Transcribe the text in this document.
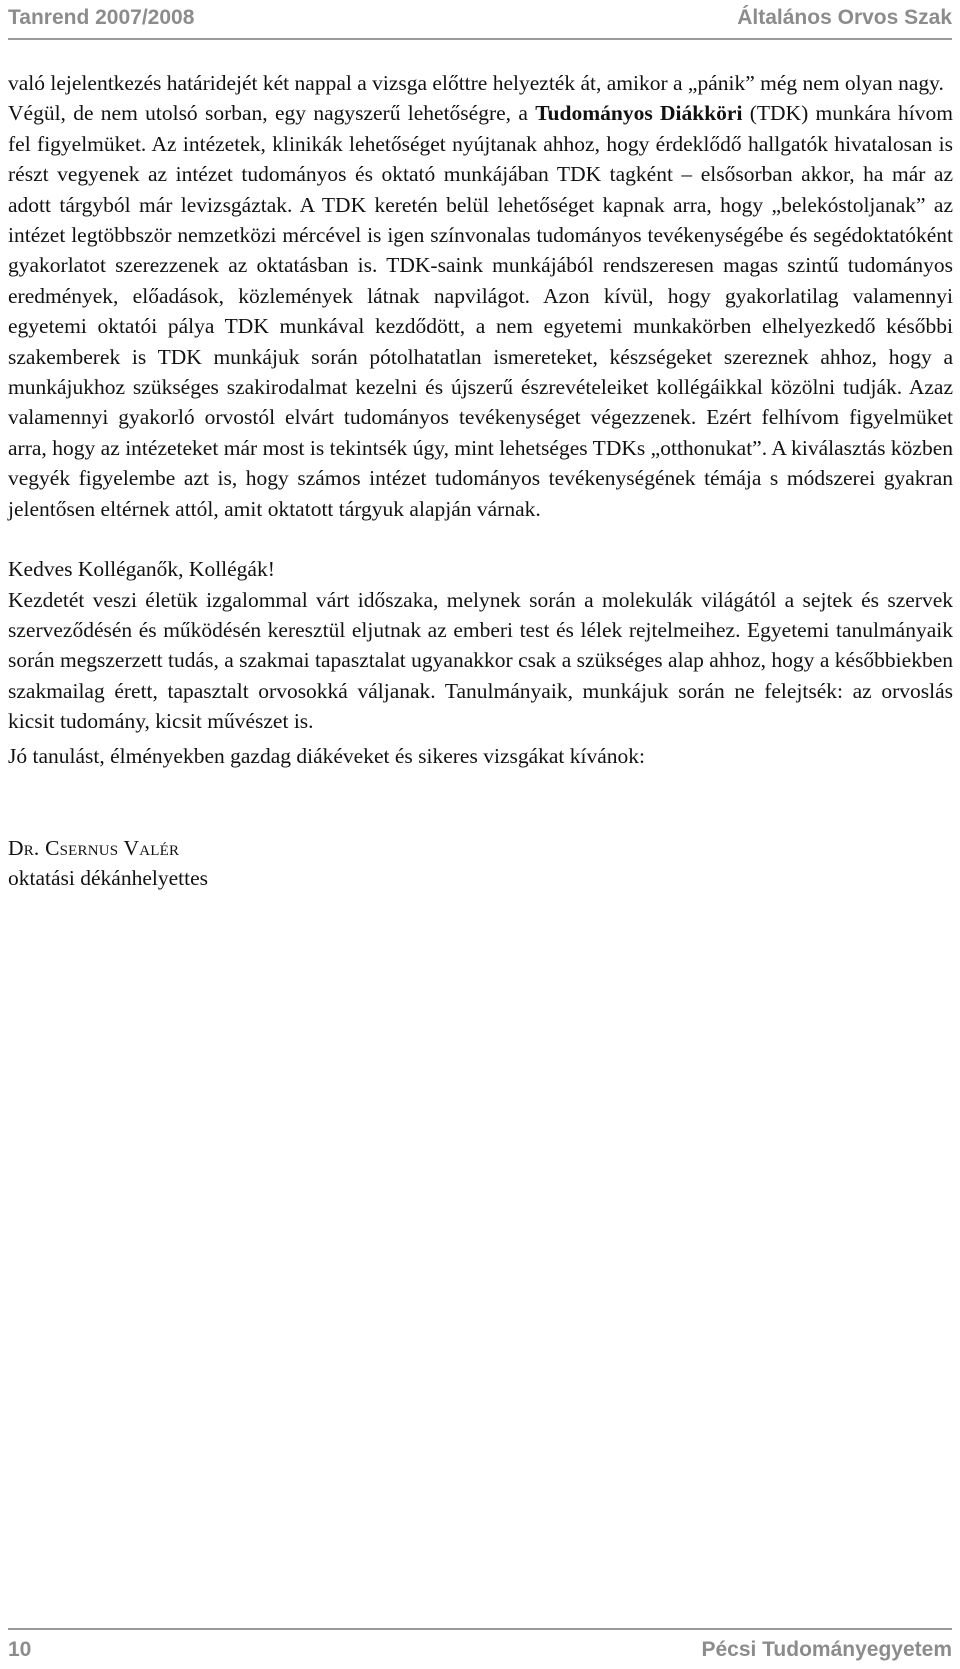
Tanrend 2007/2008	Általános Orvos Szak

való lejelentkezés határidejét két nappal a vizsga előttre helyezték át, amikor a „pánik” még nem olyan nagy.

Végül, de nem utolsó sorban, egy nagyszerű lehetőségre, a Tudományos Diákköri (TDK) munkára hívom fel figyelmüket. Az intézetek, klinikák lehetőséget nyújtanak ahhoz, hogy érdeklődő hallgatók hivatalosan is részt vegyenek az intézet tudományos és oktató munkájában TDK tagként – elsősorban akkor, ha már az adott tárgyból már levizsgáztak. A TDK keretén belül lehetőséget kapnak arra, hogy „belekóstoljanak” az intézet legtöbbször nemzetközi mércével is igen színvonalas tudományos tevékenységébe és segédoktatóként gyakorlatot szerezzenek az oktatásban is. TDK-saink munkájából rendszeresen magas szintű tudományos eredmények, előadások, közlemények látnak napvilágot. Azon kívül, hogy gyakorlatilag valamennyi egyetemi oktatói pálya TDK munkával kezdődött, a nem egyetemi munkakörben elhelyezkedő későbbi szakemberek is TDK munkájuk során pótolhatatlan ismereteket, készségeket szereznek ahhoz, hogy a munkájukhoz szükséges szakirodalmat kezelni és újszerű észrevételeiket kollégáikkal közölni tudják. Azaz valamennyi gyakorló orvostól elvárt tudományos tevékenységet végezzenek. Ezért felhívom figyelmüket arra, hogy az intézeteket már most is tekintsék úgy, mint lehetséges TDKs „otthonukat”. A kiválasztás közben vegyék figyelembe azt is, hogy számos intézet tudományos tevékenységének témája s módszerei gyakran jelentősen eltérnek attól, amit oktatott tárgyuk alapján várnak.

Kedves Kolléganők, Kollégák!

Kezdetét veszi életük izgalommal várt időszaka, melynek során a molekulák világától a sejtek és szervek szerveződésén és működésén keresztül eljutnak az emberi test és lélek rejtelmeihez. Egyetemi tanulmányaik során megszerzett tudás, a szakmai tapasztalat ugyanakkor csak a szükséges alap ahhoz, hogy a későbbiekben szakmailag érett, tapasztalt orvosokká váljanak. Tanulmányaik, munkájuk során ne felejtsék: az orvoslás kicsit tudomány, kicsit művészet is.

Jó tanulást, élményekben gazdag diákéveket és sikeres vizsgákat kívánok:

Dr. Csernus Valér

oktatási dékánhelyettes

10	Pécsi Tudományegyetem
